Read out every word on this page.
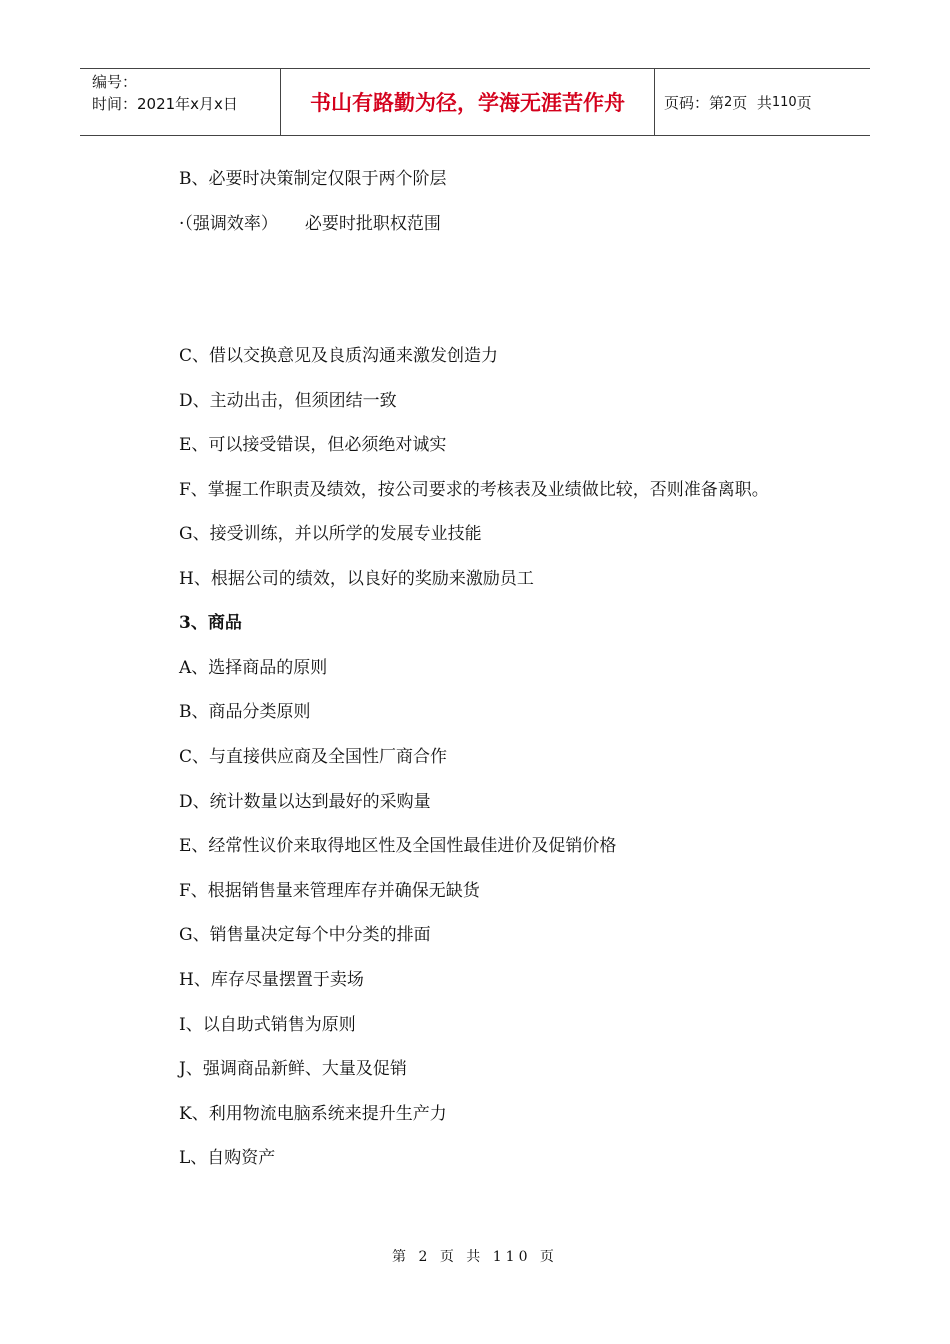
编号：
时间：2021年x月x日	书山有路勤为径，学海无涯苦作舟	页码：第 2 页  共 110 页

B、必要时决策制定仅限于两个阶层

·（强调效率）     必要时批职权范围

C、借以交换意见及良质沟通来激发创造力

D、主动出击，但须团结一致

E、可以接受错误，但必须绝对诚实

F、掌握工作职责及绩效，按公司要求的考核表及业绩做比较，否则准备离职。

G、接受训练，并以所学的发展专业技能

H、根据公司的绩效，以良好的奖励来激励员工

3、商品

A、选择商品的原则

B、商品分类原则

C、与直接供应商及全国性厂商合作

D、统计数量以达到最好的采购量

E、经常性议价来取得地区性及全国性最佳进价及促销价格

F、根据销售量来管理库存并确保无缺货

G、销售量决定每个中分类的排面

H、库存尽量摆置于卖场

I、以自助式销售为原则

J、强调商品新鲜、大量及促销

K、利用物流电脑系统来提升生产力

L、自购资产

第 2 页 共 110 页
